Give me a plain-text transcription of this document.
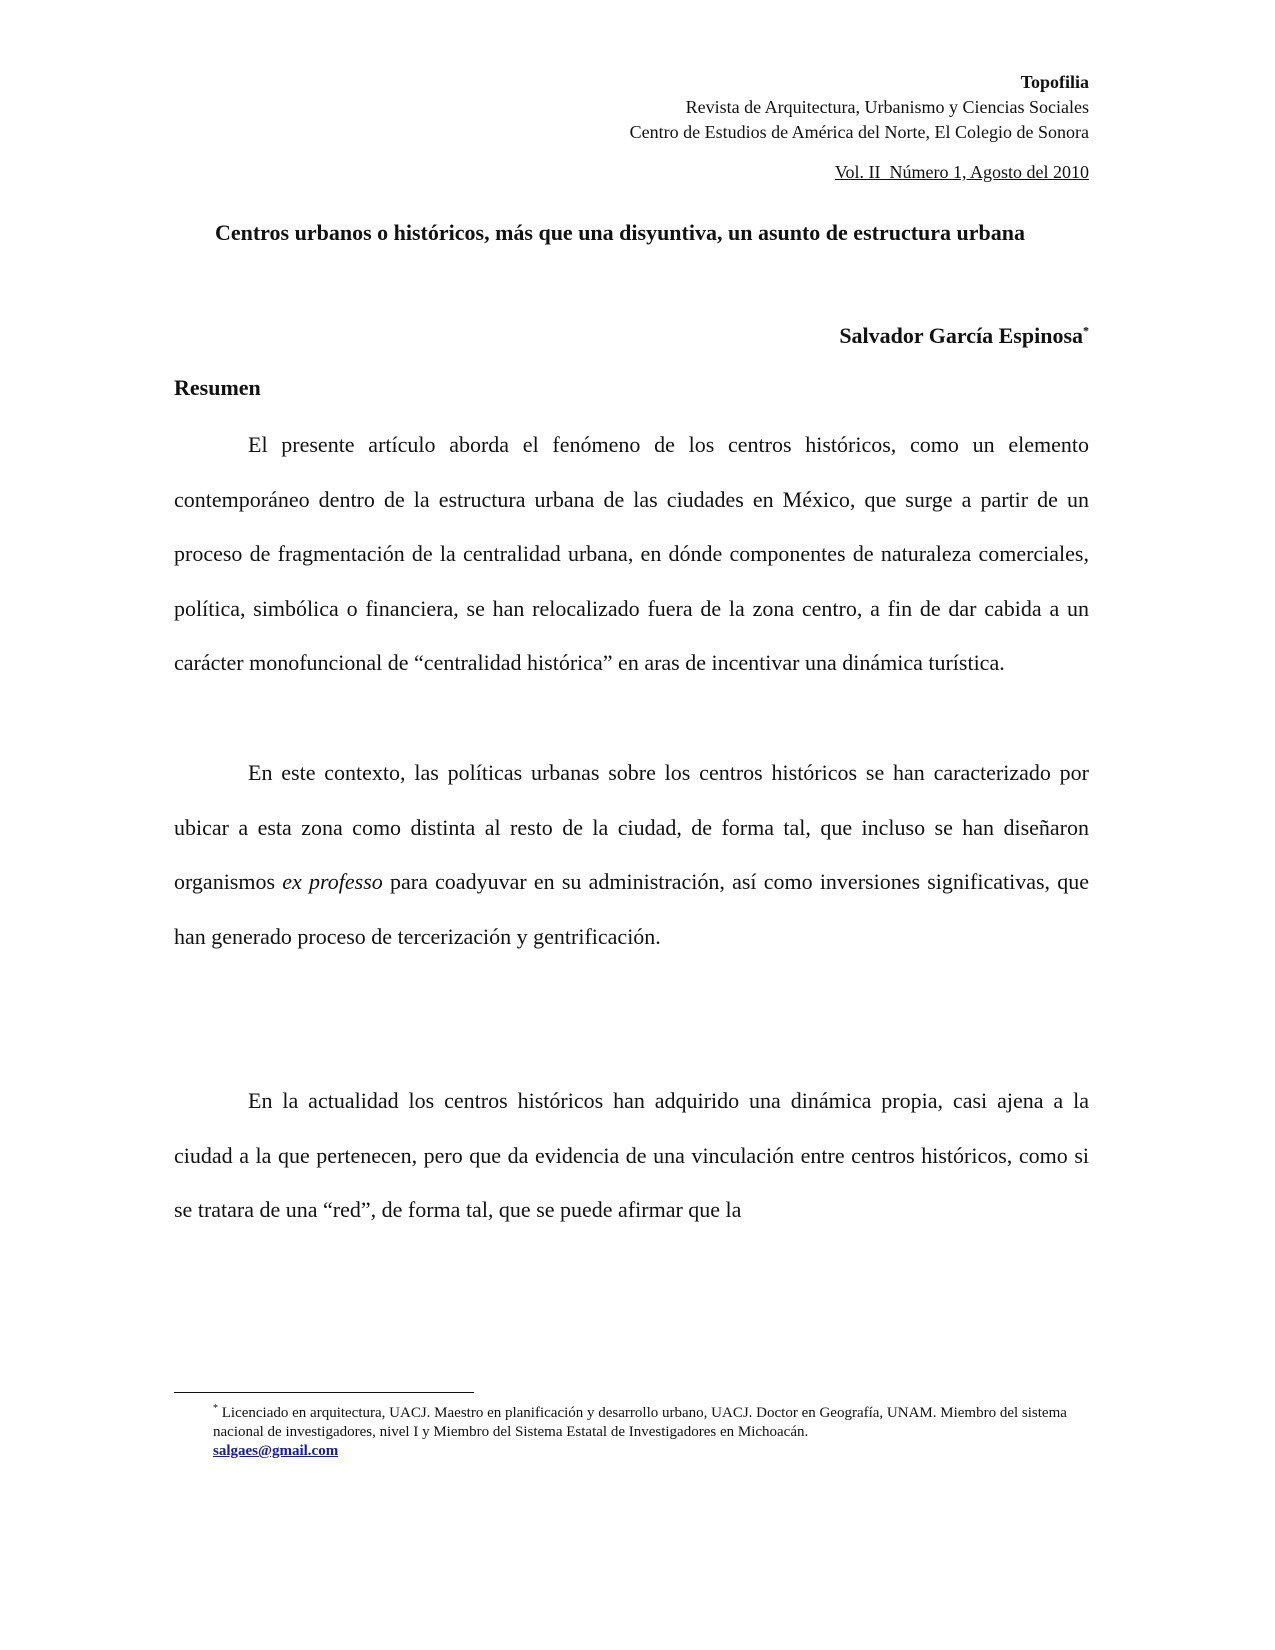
Topofilia
Revista de Arquitectura, Urbanismo y Ciencias Sociales
Centro de Estudios de América del Norte, El Colegio de Sonora
Vol. II  Número 1, Agosto del 2010
Centros urbanos o históricos, más que una disyuntiva, un asunto de estructura urbana
Salvador García Espinosa*
Resumen

El presente artículo aborda el fenómeno de los centros históricos, como un elemento contemporáneo dentro de la estructura urbana de las ciudades en México, que surge a partir de un proceso de fragmentación de la centralidad urbana, en dónde componentes de naturaleza comerciales, política, simbólica o financiera, se han relocalizado fuera de la zona centro, a fin de dar cabida a un carácter monofuncional de “centralidad histórica” en aras de incentivar una dinámica turística.

En este contexto, las políticas urbanas sobre los centros históricos se han caracterizado por ubicar a esta zona como distinta al resto de la ciudad, de forma tal, que incluso se han diseñaron organismos ex professo para coadyuvar en su administración, así como inversiones significativas, que han generado proceso de tercerización y gentrificación.

En la actualidad los centros históricos han adquirido una dinámica propia, casi ajena a la ciudad a la que pertenecen, pero que da evidencia de una vinculación entre centros históricos, como si se tratara de una “red”, de forma tal, que se puede afirmar que la

* Licenciado en arquitectura, UACJ. Maestro en planificación y desarrollo urbano, UACJ. Doctor en Geografía, UNAM. Miembro del sistema nacional de investigadores, nivel I y Miembro del Sistema Estatal de Investigadores en Michoacán.
salgaes@gmail.com
